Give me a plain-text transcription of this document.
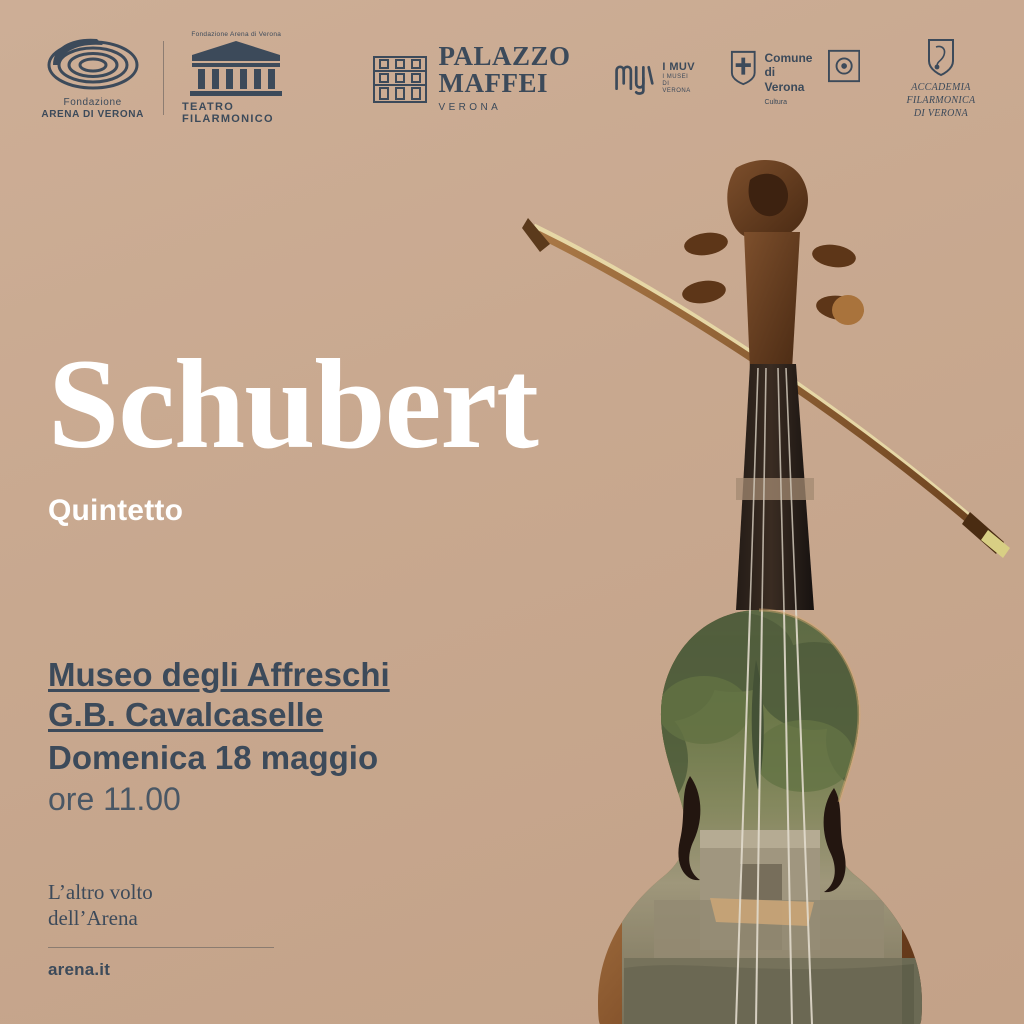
Fondazione
ARENA DI VERONA
Fondazione Arena di Verona
TEATRO FILARMONICO
PALAZZO
MAFFEI
VERONA
I MUV
I MUSEI
DI VERONA
Comune
di Verona
Cultura
ACCADEMIA FILARMONICA
DI VERONA
Schubert
Quintetto
Museo degli Affreschi
G.B. Cavalcaselle
Domenica 18 maggio
ore 11.00
L’altro volto
dell’Arena
arena.it
